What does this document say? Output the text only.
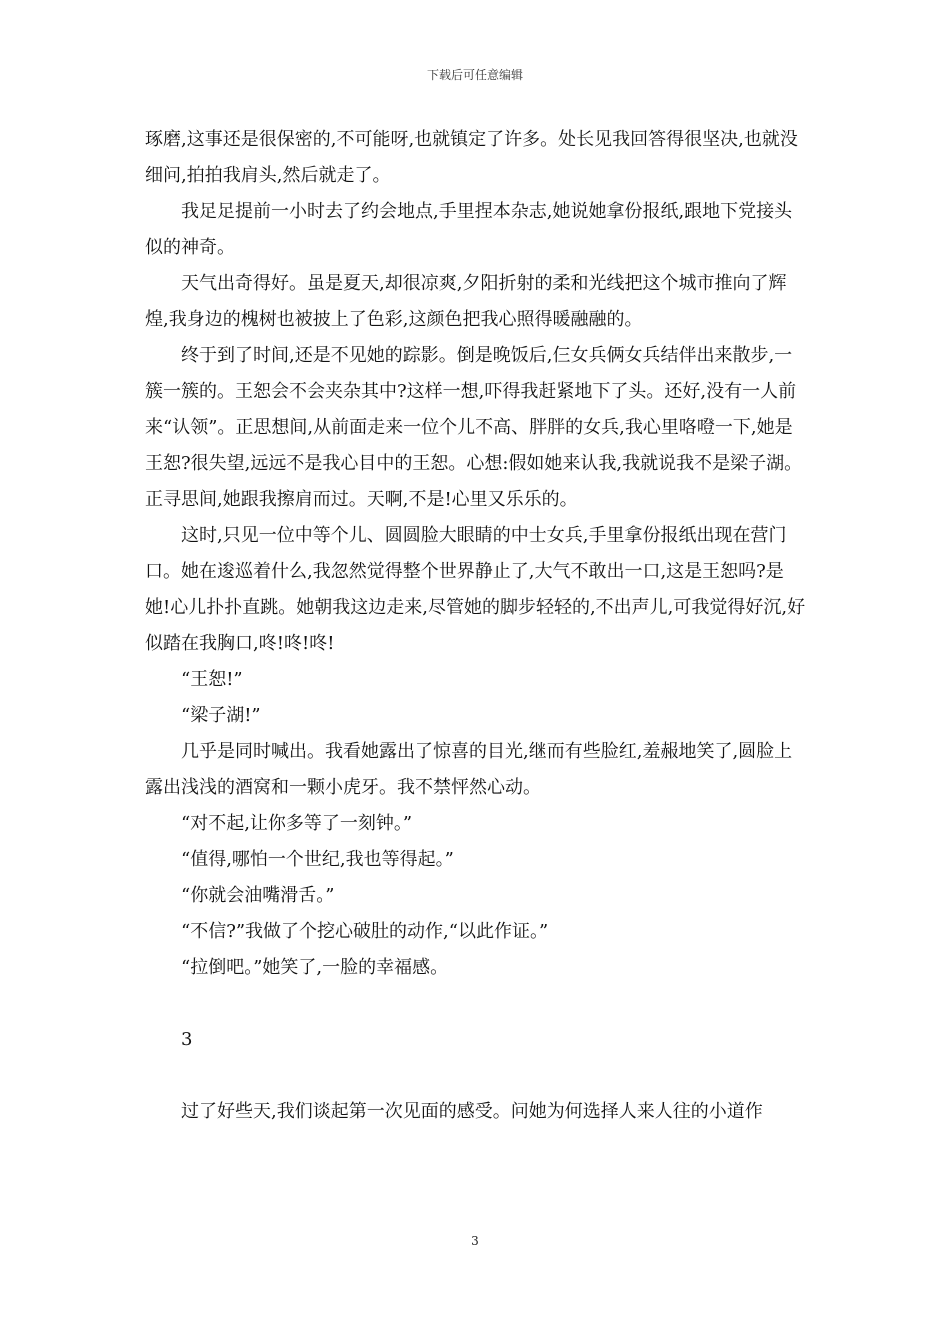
下载后可任意编辑

琢磨,这事还是很保密的,不可能呀,也就镇定了许多。处长见我回答得很坚决,也就没细问,拍拍我肩头,然后就走了。

我足足提前一小时去了约会地点,手里捏本杂志,她说她拿份报纸,跟地下党接头似的神奇。

天气出奇得好。虽是夏天,却很凉爽,夕阳折射的柔和光线把这个城市推向了辉煌,我身边的槐树也被披上了色彩,这颜色把我心照得暖融融的。

终于到了时间,还是不见她的踪影。倒是晚饭后,仨女兵俩女兵结伴出来散步,一簇一簇的。王恕会不会夹杂其中?这样一想,吓得我赶紧地下了头。还好,没有一人前来“认领”。正思想间,从前面走来一位个儿不高、胖胖的女兵,我心里咯噔一下,她是王恕?很失望,远远不是我心目中的王恕。心想:假如她来认我,我就说我不是梁子湖。正寻思间,她跟我擦肩而过。天啊,不是!心里又乐乐的。

这时,只见一位中等个儿、圆圆脸大眼睛的中士女兵,手里拿份报纸出现在营门口。她在逡巡着什么,我忽然觉得整个世界静止了,大气不敢出一口,这是王恕吗?是她!心儿扑扑直跳。她朝我这边走来,尽管她的脚步轻轻的,不出声儿,可我觉得好沉,好似踏在我胸口,咚!咚!咚!

“王恕!”

“梁子湖!”

几乎是同时喊出。我看她露出了惊喜的目光,继而有些脸红,羞赧地笑了,圆脸上露出浅浅的酒窝和一颗小虎牙。我不禁怦然心动。

“对不起,让你多等了一刻钟。”

“值得,哪怕一个世纪,我也等得起。”

“你就会油嘴滑舌。”

“不信?”我做了个挖心破肚的动作,“以此作证。”

“拉倒吧。”她笑了,一脸的幸福感。

3

过了好些天,我们谈起第一次见面的感受。问她为何选择人来人往的小道作

3
